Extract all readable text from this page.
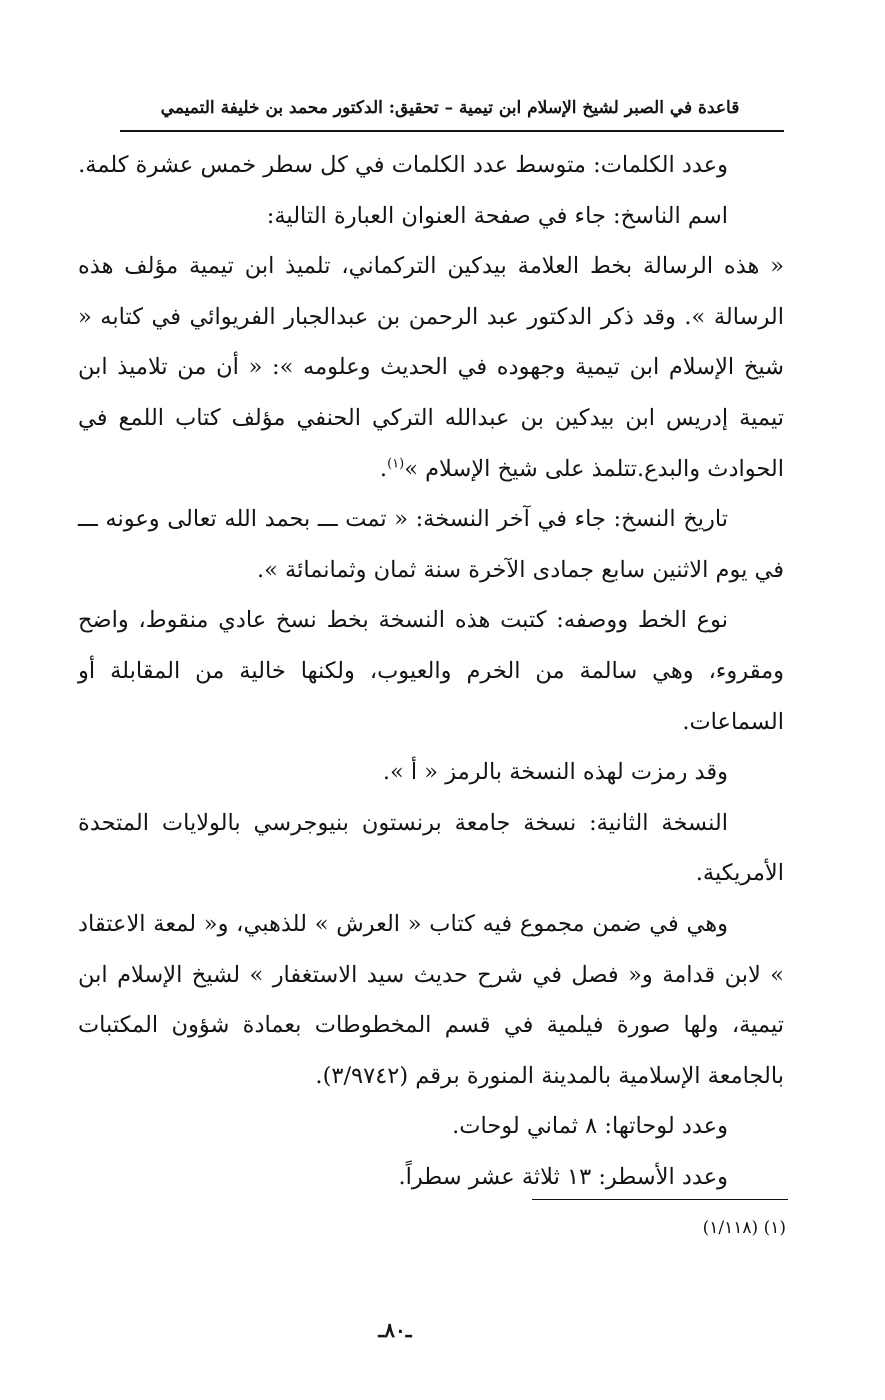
قاعدة في الصبر لشيخ الإسلام ابن تيمية – تحقيق: الدكتور محمد بن خليفة التميمي

وعدد الكلمات: متوسط عدد الكلمات في كل سطر خمس عشرة كلمة.

اسم الناسخ: جاء في صفحة العنوان العبارة التالية:

« هذه الرسالة بخط العلامة بيدكين التركماني، تلميذ ابن تيمية مؤلف هذه الرسالة ». وقد ذكر الدكتور عبد الرحمن بن عبدالجبار الفريوائي في كتابه « شيخ الإسلام ابن تيمية وجهوده في الحديث وعلومه »: « أن من تلاميذ ابن تيمية إدريس ابن بيدكين بن عبدالله التركي الحنفي مؤلف كتاب اللمع في الحوادث والبدع.تتلمذ على شيخ الإسلام »$^{(١)}$.

تاريخ النسخ: جاء في آخر النسخة: « تمت ـــ بحمد الله تعالى وعونه ـــ في يوم الاثنين سابع جمادى الآخرة سنة ثمان وثمانمائة ».

نوع الخط ووصفه: كتبت هذه النسخة بخط نسخ عادي منقوط، واضح ومقروء، وهي سالمة من الخرم والعيوب، ولكنها خالية من المقابلة أو السماعات.

وقد رمزت لهذه النسخة بالرمز « أ ».

النسخة الثانية: نسخة جامعة برنستون بنيوجرسي بالولايات المتحدة الأمريكية.

وهي في ضمن مجموع فيه كتاب « العرش » للذهبي، و« لمعة الاعتقاد » لابن قدامة و« فصل في شرح حديث سيد الاستغفار » لشيخ الإسلام ابن تيمية، ولها صورة فيلمية في قسم المخطوطات بعمادة شؤون المكتبات بالجامعة الإسلامية بالمدينة المنورة برقم (٣/٩٧٤٢).

وعدد لوحاتها: ٨ ثماني لوحات.

وعدد الأسطر: ١٣ ثلاثة عشر سطراً.

(١) (١/١١٨)
ـ٨٠ـ
